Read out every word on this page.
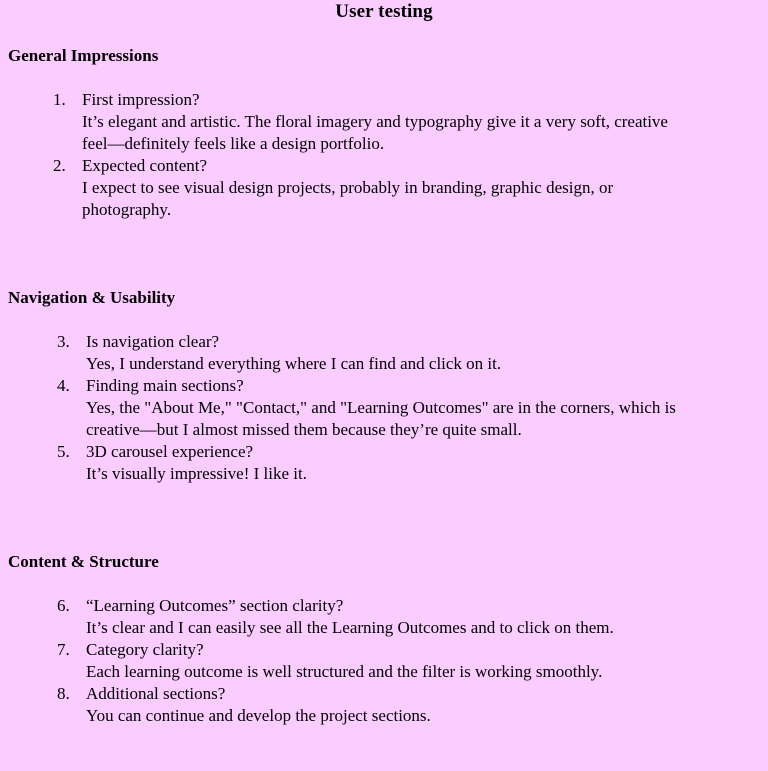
User testing
General Impressions
1. First impression?
It’s elegant and artistic. The floral imagery and typography give it a very soft, creative feel—definitely feels like a design portfolio.
2. Expected content?
I expect to see visual design projects, probably in branding, graphic design, or photography.
Navigation & Usability
3. Is navigation clear?
Yes, I understand everything where I can find and click on it.
4. Finding main sections?
Yes, the "About Me," "Contact," and "Learning Outcomes" are in the corners, which is creative—but I almost missed them because they’re quite small.
5. 3D carousel experience?
It’s visually impressive! I like it.
Content & Structure
6. “Learning Outcomes” section clarity?
It’s clear and I can easily see all the Learning Outcomes and to click on them.
7. Category clarity?
Each learning outcome is well structured and the filter is working smoothly.
8. Additional sections?
You can continue and develop the project sections.
